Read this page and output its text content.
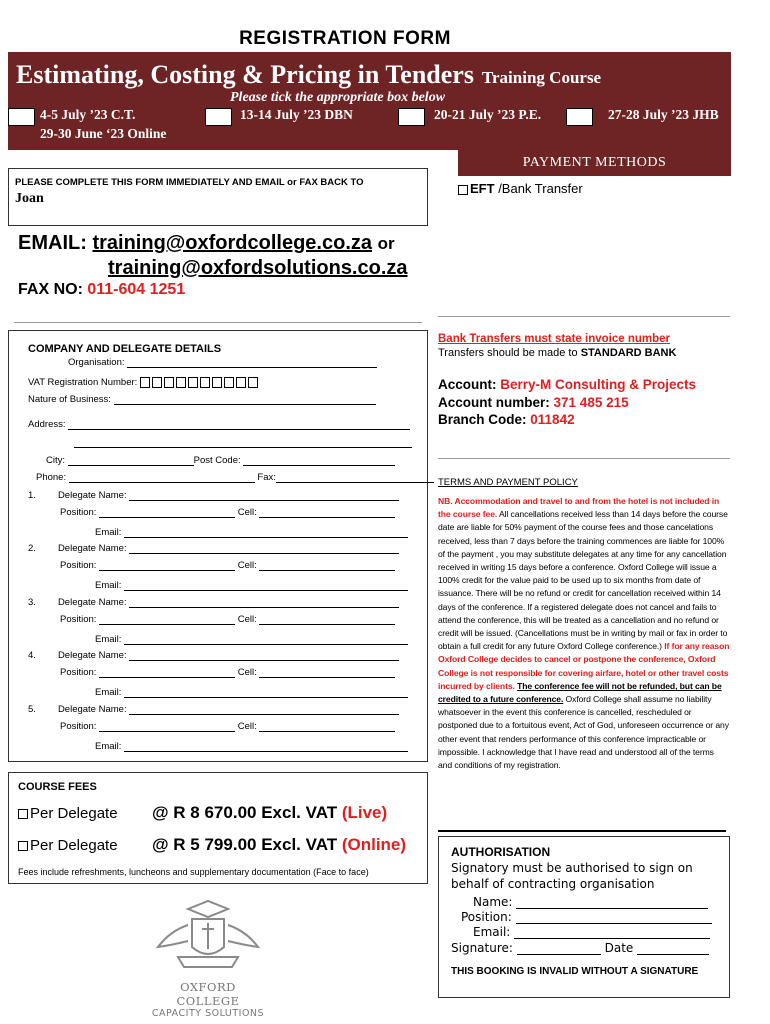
REGISTRATION FORM
Estimating, Costing & Pricing in Tenders Training Course
Please tick the appropriate box below
4-5 July ’23 C.T.
29-30 June ‘23 Online
13-14 July ’23 DBN	20-21 July ’23 P.E.	27-28 July ’23 JHB
PAYMENT METHODS
PLEASE COMPLETE THIS FORM IMMEDIATELY AND EMAIL or FAX BACK TO
Joan
EMAIL: training@oxfordcollege.co.za or
training@oxfordsolutions.co.za
FAX NO: 011-604 1251
EFT /Bank Transfer
Bank Transfers must state invoice number
Transfers should be made to STANDARD BANK
Account: Berry-M Consulting & Projects
Account number: 371 485 215
Branch Code: 011842
COMPANY AND DELEGATE DETAILS
Organisation:
VAT Registration Number:
Nature of Business:
Address:
City:	Post Code:
Phone:	Fax:
1. Delegate Name:
Position:	Cell:
Email:
2. Delegate Name:
Position:	Cell:
Email:
3. Delegate Name:
Position:	Cell:
Email:
4. Delegate Name:
Position:	Cell:
Email:
5. Delegate Name:
Position:	Cell:
Email:
COURSE FEES
Per Delegate @ R 8 670.00 Excl. VAT (Live)
Per Delegate @ R 5 799.00 Excl. VAT (Online)
Fees include refreshments, luncheons and supplementary documentation (Face to face)
TERMS AND PAYMENT POLICY
NB. Accommodation and travel to and from the hotel is not included in the course fee. All cancellations received less than 14 days before the course date are liable for 50% payment of the course fees and those cancelations received, less than 7 days before the training commences are liable for 100% of the payment , you may substitute delegates at any time for any cancellation received in writing 15 days before a conference. Oxford College will issue a 100% credit for the value paid to be used up to six months from date of issuance. There will be no refund or credit for cancellation received within 14 days of the conference. If a registered delegate does not cancel and fails to attend the conference, this will be treated as a cancellation and no refund or credit will be issued. (Cancellations must be in writing by mail or fax in order to obtain a full credit for any future Oxford College conference.) If for any reason Oxford College decides to cancel or postpone the conference, Oxford College is not responsible for covering airfare, hotel or other travel costs incurred by clients. The conference fee will not be refunded, but can be credited to a future conference. Oxford College shall assume no liability whatsoever in the event this conference is cancelled, rescheduled or postponed due to a fortuitous event, Act of God, unforeseen occurrence or any other event that renders performance of this conference impracticable or impossible. I acknowledge that I have read and understood all of the terms and conditions of my registration.
AUTHORISATION
Signatory must be authorised to sign on behalf of contracting organisation
Name:
Position:
Email:
Signature:	Date
THIS BOOKING IS INVALID WITHOUT A SIGNATURE
OXFORD COLLEGE
CAPACITY SOLUTIONS
